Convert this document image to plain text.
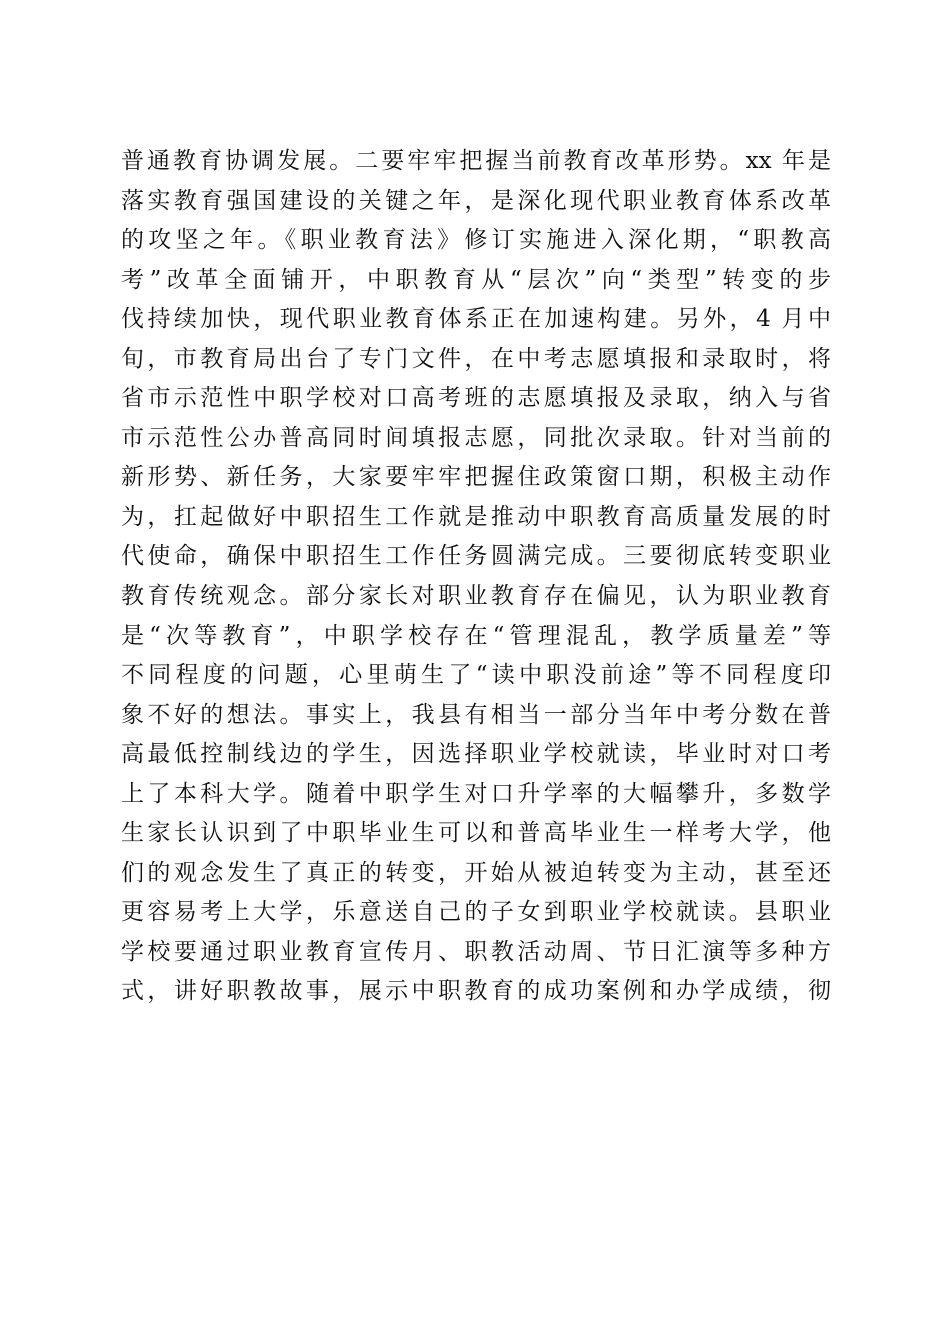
普通教育协调发展。二要牢牢把握当前教育改革形势。xx 年是
落实教育强国建设的关键之年，是深化现代职业教育体系改革
的攻坚之年。《职业教育法》修订实施进入深化期，“职教高
考”改革全面铺开，中职教育从“层次”向“类型”转变的步
伐持续加快，现代职业教育体系正在加速构建。另外，4 月中
旬，市教育局出台了专门文件，在中考志愿填报和录取时，将
省市示范性中职学校对口高考班的志愿填报及录取，纳入与省
市示范性公办普高同时间填报志愿，同批次录取。针对当前的
新形势、新任务，大家要牢牢把握住政策窗口期，积极主动作
为，扛起做好中职招生工作就是推动中职教育高质量发展的时
代使命，确保中职招生工作任务圆满完成。三要彻底转变职业
教育传统观念。部分家长对职业教育存在偏见，认为职业教育
是“次等教育”，中职学校存在“管理混乱，教学质量差”等
不同程度的问题，心里萌生了“读中职没前途”等不同程度印
象不好的想法。事实上，我县有相当一部分当年中考分数在普
高最低控制线边的学生，因选择职业学校就读，毕业时对口考
上了本科大学。随着中职学生对口升学率的大幅攀升，多数学
生家长认识到了中职毕业生可以和普高毕业生一样考大学，他
们的观念发生了真正的转变，开始从被迫转变为主动，甚至还
更容易考上大学，乐意送自己的子女到职业学校就读。县职业
学校要通过职业教育宣传月、职教活动周、节日汇演等多种方
式，讲好职教故事，展示中职教育的成功案例和办学成绩，彻
